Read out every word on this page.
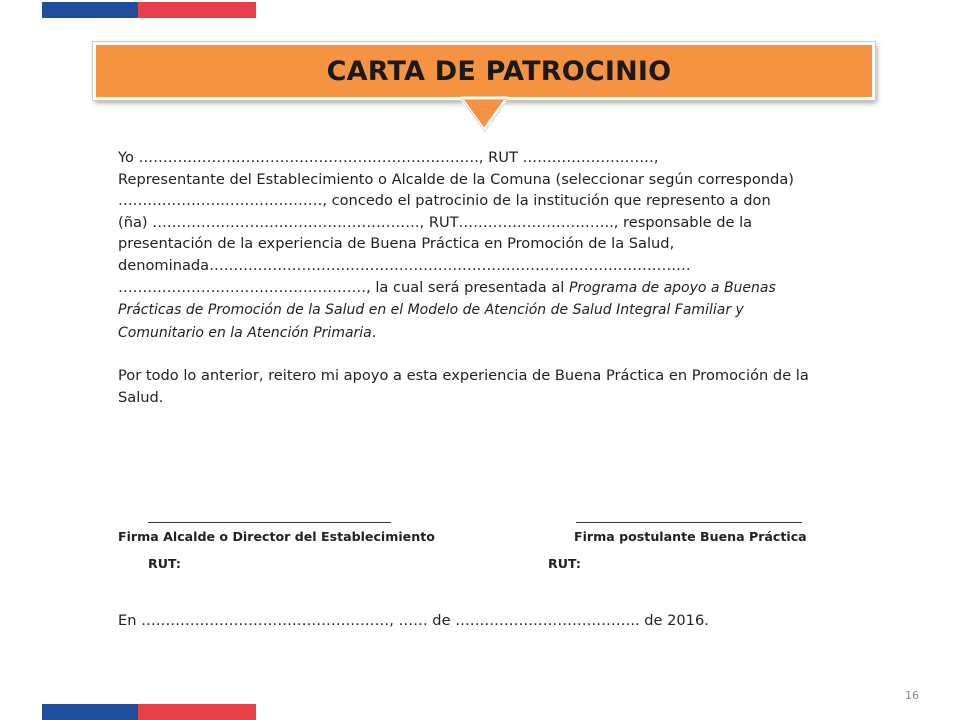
CARTA DE PATROCINIO

Yo ……………………………………………………………., RUT ………………………,
Representante del Establecimiento o Alcalde de la Comuna (seleccionar según corresponda)
……………………………………, concedo el patrocinio de la institución que represento a don
(ña) ………………………………………………., RUT………………………….., responsable de la
presentación de la experiencia de Buena Práctica en Promoción de la Salud,
denominada………………………………………………………………………………………
……………………………………………, la cual será presentada al Programa de apoyo a Buenas
Prácticas de Promoción de la Salud en el Modelo de Atención de Salud Integral Familiar y
Comunitario en la Atención Primaria.

Por todo lo anterior, reitero mi apoyo a esta experiencia de Buena Práctica en Promoción de la Salud.

Firma Alcalde o Director del Establecimiento
RUT:
Firma postulante Buena Práctica
RUT:
En ……………………………………………, …… de ……………………………….. de 2016.
16
